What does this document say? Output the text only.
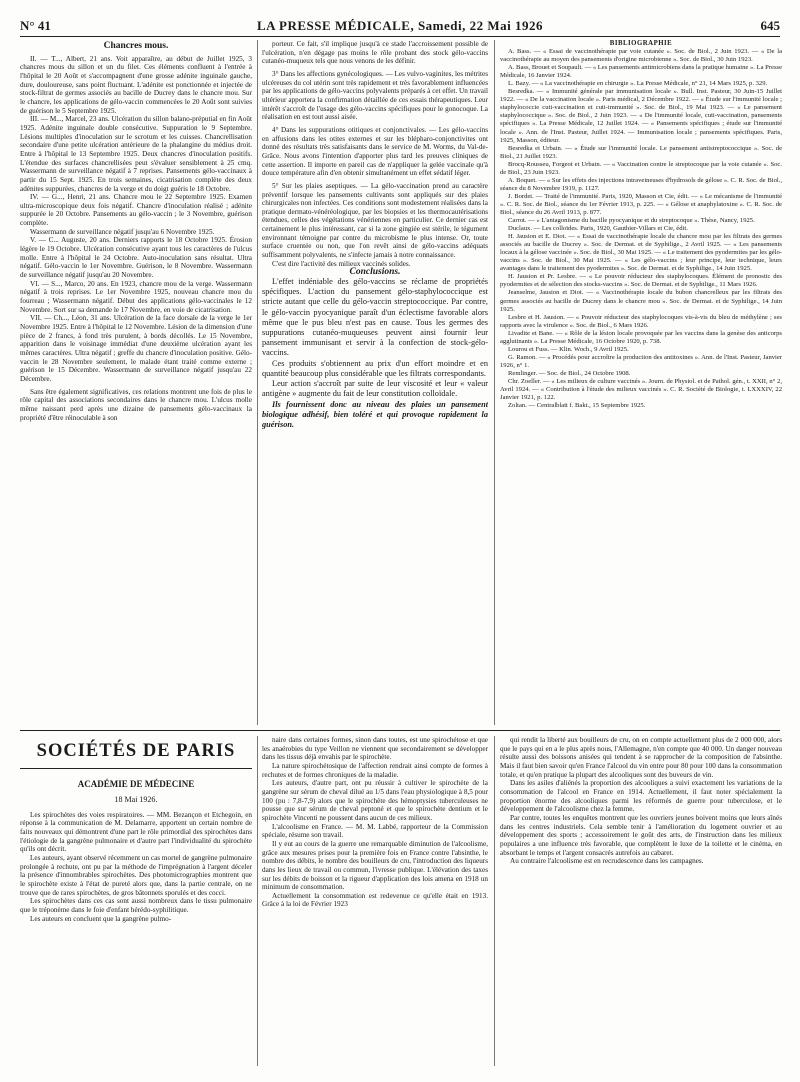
N° 41	LA PRESSE MÉDICALE, Samedi, 22 Mai 1926	645
Chancres mous.

II. — T..., Albert, 21 ans. Voit apparaître, au début de Juillet 1925, 3 chancres mous du sillon et un du filet. Ces éléments confluent à l'entrée à l'hôpital le 20 Août et s'accompagnent d'une grosse adénite inguinale gauche, dure, douloureuse, sans point fluctuant. L'adénite est ponctionnée et injectée de stock-filtrat de germes associés au bacille de Ducrey dans le chancre mou. Sur le chancre, les applications de gélo-vaccin commencées le 20 Août sont suivies de guérison le 5 Septembre 1925.

III. — M..., Marcel, 23 ans. Ulcération du sillon balano-préputial en fin Août 1925. Adénite inguinale double consécutive. Suppuration le 9 Septembre. Lésions multiples d'inoculation sur le scrotum et les cuisses. Chancrellisation secondaire d'une petite ulcération antérieure de la phalangine du médius droit. Entre à l'hôpital le 13 Septembre 1925. Deux chancres d'inoculation positifs. L'étendue des surfaces chancrellisées peut s'évaluer sensiblement à 25 cmq. Wassermann de surveillance négatif à 7 reprises. Pansements gélo-vaccinaux à partir du 15 Sept. 1925. En trois semaines, cicatrisation complète des deux adénites suppurées, chancres de la verge et du doigt guéris le 18 Octobre.

IV. — G..., Henri, 21 ans. Chancre mou le 22 Septembre 1925. Examen ultra-microscopique deux fois négatif. Chancre d'inoculation réalisé ; adénite suppurée le 20 Octobre. Pansements au gélo-vaccin ; le 3 Novembre, guérison complète.

Wassermann de surveillance négatif jusqu'au 6 Novembre 1925.

V. — C... Auguste, 20 ans. Derniers rapports le 18 Octobre 1925. Érosion légère le 19 Octobre. Ulcération consécutive ayant tous les caractères de l'ulcus molle. Entre à l'hôpital le 24 Octobre. Auto-inoculation sans résultat. Ultra négatif. Gélo-vaccin le 1er Novembre. Guérison, le 8 Novembre. Wassermann de surveillance négatif jusqu'au 20 Novembre.

VI. — S..., Marco, 20 ans. En 1923, chancre mou de la verge. Wassermann négatif à trois reprises. Le 1er Novembre 1925, nouveau chancre mou du fourreau ; Wassermann négatif. Début des applications gélo-vaccinales le 12 Novembre. Sort sur sa demande le 17 Novembre, en voie de cicatrisation.

VII. — Ch..., Léon, 31 ans. Ulcération de la face dorsale de la verge le 1er Novembre 1925. Entre à l'hôpital le 12 Novembre. Lésion de la dimension d'une pièce de 2 francs, à fond très purulent, à bords décollés. Le 15 Novembre, apparition dans le voisinage immédiat d'une deuxième ulcération ayant les mêmes caractères. Ultra négatif ; greffe du chancre d'inoculation positive. Gélo-vaccin le 28 Novembre seulement, le malade étant traité comme externe ; guérison le 15 Décembre. Wassermann de surveillance négatif jusqu'au 22 Décembre.

Sans être également significatives, ces relations montrent une fois de plus le rôle capital des associations secondaires dans le chancre mou. L'ulcus molle même naissant perd après une dizaine de pansements gélo-vaccinaux la propriété d'être réinoculable à son

porteur. Ce fait, s'il implique jusqu'à ce stade l'accroissement possible de l'ulcération, n'en dégage pas moins le rôle probant des stock gélo-vaccins cutanéo-muqueux tels que nous venons de les définir.

3° Dans les affections gynécologiques. — Les vulvo-vaginites, les métrites ulcéreuses du col utérin sont très rapidement et très favorablement influencées par les applications de gélo-vaccins polyvalents préparés à cet effet. Un travail ultérieur apportera la confirmation détaillée de ces essais thérapeutiques. Leur intérêt s'accroît de l'usage des gélo-vaccins spécifiques pour le gonocoque. La réalisation en est tout aussi aisée.

4° Dans les suppurations otitiques et conjonctivales. — Les gélo-vaccins en affusions dans les otites externes et sur les blépharo-conjonctivites ont donné des résultats très satisfaisants dans le service de M. Worms, du Val-de-Grâce. Nous avons l'intention d'apporter plus tard les preuves cliniques de cette assertion. Il importe en pareil cas de n'appliquer la gelée vaccinale qu'à douce température afin d'en obtenir simultanément un effet sédatif léger.

5° Sur les plaies aseptiques. — La gélo-vaccination prend au caractère préventif lorsque les pansements cultivants sont appliqués sur des plaies chirurgicales non infectées. Ces conditions sont modestement réalisées dans la pratique dermato-vénéréologique, par les biopsies et les thermocautérisations étendues, celles des végétations vénériennes en particulier. Ce dernier cas est certainement le plus intéressant, car si la zone gingiée est stérile, le tégument environnant témoigne par contre du microbisme le plus intense. Or, toute surface cruentée ou non, que l'on revêt ainsi de gélo-vaccins adéquats suffisamment polyvalents, ne s'infecte jamais à notre connaissance.

C'est dire l'activité des milieux vaccinés solides.

Conclusions.

L'effet indéniable des gélo-vaccins se réclame de propriétés spécifiques. L'action du pansement gélo-staphylococcique est stricte autant que celle du gélo-vaccin streptococcique. Par contre, le gélo-vaccin pyocyanique paraît d'un éclectisme favorable alors même que le pus bleu n'est pas en cause. Tous les germes des suppurations cutanéo-muqueuses peuvent ainsi fournir leur pansement immunisant et servir à la confection de stock-gélo-vaccins.

Ces produits s'obtiennent au prix d'un effort moindre et en quantité beaucoup plus considérable que les filtrats correspondants.

Leur action s'accroît par suite de leur viscosité et leur « valeur antigène » augmente du fait de leur constitution colloïdale.

Ils fournissent donc au niveau des plaies un pansement biologique adhésif, bien toléré et qui provoque rapidement la guérison.

BIBLIOGRAPHIE

A. Bass. — « Essai de vaccinothérapie par voie cutanée ». Soc. de Biol., 2 Juin 1923. — « De la vaccinothérapie au moyen des pansements d'origine microbienne ». Soc. de Biol., 30 Juin 1923.

A. Bass, Brouet et Soupault. — « Les pansements antimicrobiens dans la pratique humaine ». La Presse Médicale, 16 Janvier 1924.

L. Bazy. — « La vaccinothérapie en chirurgie ». La Presse Médicale, n° 21, 14 Mars 1925, p. 329.

Besredka. — « Immunité générale par immunisation locale ». Bull. Inst. Pasteur, 30 Juin-15 Juillet 1922. — « De la vaccination locale ». Paris médical, 2 Décembre 1922. — « Étude sur l'immunité locale ; staphylococcie cuti-vaccination et cuti-immunité ». Soc. de Biol., 19 Mai 1923. — « Le pansement staphylococcique ». Soc. de Biol., 2 Juin 1923. — « De l'immunité locale, cuti-vaccination, pansements spécifiques ». La Presse Médicale, 12 Juillet 1924. — « Pansements spécifiques ; étude sur l'immunité locale ». Ann. de l'Inst. Pasteur, Juillet 1924. — Immunisation locale ; pansements spécifiques. Paris, 1925, Masson, éditeur.

Besredka et Urbain. — « Étude sur l'immunité locale. Le pansement antistreptococcique ». Soc. de Biol., 21 Juillet 1923.

Brocq-Rousseu, Forgeot et Urbain. — « Vaccination contre le streptocoque par la voie cutanée ». Soc. de Biol., 23 Juin 1923.

A. Boquet. — « Sur les effets des injections intraveineuses d'hydrosols de gélose ». C. R. Soc. de Biol., séance du 8 Novembre 1919, p. 1127.

J. Bordet. — Traité de l'immunité. Paris, 1920, Masson et Cie, édit. — « Le mécanisme de l'immunité ». C. R. Soc. de Biol., séance du 1er Février 1913, p. 225. — « Gélose et anaphylatoxine ». C. R. Soc. de Biol., séance du 26 Avril 1913, p. 877.

Carrot. — « L'antagonisme du bacille pyocyanique et du streptocoque ». Thèse, Nancy, 1925.

Duclaux. — Les colloïdes. Paris, 1920, Gauthier-Villars et Cie, édit.

H. Jausion et E. Diot. — « Essai de vaccinothérapie locale du chancre mou par les filtrats des germes associés au bacille de Ducrey ». Soc. de Dermat. et de Syphilige., 2 Avril 1925. — « Les pansements locaux à la gélose vaccinée ». Soc. de Biol., 30 Mai 1925. — « Le traitement des pyodermites par les gélo-vaccins ». Soc. de Biol., 30 Mai 1925. — « Les gélo-vaccins ; leur principe, leur technique, leurs avantages dans le traitement des pyodermites ». Soc. de Dermat. et de Syphilige., 14 Juin 1925.

H. Jausion et Pr. Lesbre. — « Le pouvoir réducteur des staphylocoques. Élément de pronostic des pyodermites et de sélection des stocks-vaccins ». Soc. de Dermat. et de Syphilige., 11 Mars 1926.

Jeanselme, Jausion et Diot. — « Vaccinothérapie locale du bubon chancrelleux par les filtrats des germes associés au bacille de Ducrey dans le chancre mou ». Soc. de Dermat. et de Syphilige., 14 Juin 1925.

Lesbre et H. Jausion. — « Pouvoir réducteur des staphylocoques vis-à-vis du bleu de méthylène ; ses rapports avec la virulence ». Soc. de Biol., 6 Mars 1926.

Livadite et Bane. — « Rôle de la lésion locale provoquée par les vaccins dans la genèse des anticorps agglutinants ». La Presse Médicale, 16 Octobre 1920, p. 738.

Lourou et Fuss. — Klin. Woch., 9 Avril 1925.

G. Ramon. — « Procédés pour accroître la production des antitoxines ». Ann. de l'Inst. Pasteur, Janvier 1926, n° 1.

Remlinger. — Soc. de Biol., 24 Octobre 1908.

Chr. Zoeller. — « Les milieux de culture vaccinés ». Journ. de Physiol. et de Pathol. gén., t. XXII, n° 2, Avril 1924. — « Contribution à l'étude des milieux vaccinés ». C. R. Société de Biologie, t. LXXXIV, 22 Janvier 1921, p. 122.

Zoltan. — Centralblatt f. Bakt., 15 Septembre 1925.

SOCIÉTÉS DE PARIS
ACADÉMIE DE MÉDECINE
18 Mai 1926.

Les spirochètes des voies respiratoires. — MM. Bezançon et Etchegoin, en réponse à la communication de M. Delamarre, apportent un certain nombre de faits nouveaux qui démontrent d'une part le rôle primordial des spirochètes dans l'étiologie de la gangrène pulmonaire et d'autre part l'individualité du spirochète qu'ils ont décrit.

Les auteurs, ayant observé récemment un cas mortel de gangrène pulmonaire prolongée à rechute, ont pu par la méthode de l'imprégnation à l'argent déceler la présence d'innombrables spirochètes. Des photomicrographies montrent que le spirochète existe à l'état de pureté alors que, dans la partie centrale, on ne trouve que de rares spirochètes, de gros bâtonnets sporulés et des cocci.

Les spirochètes dans ces cas sont aussi nombreux dans le tissu pulmonaire que le tréponème dans le foie d'enfant hérédo-syphilitique.

Les auteurs en concluent que la gangrène pulmo-

naire dans certaines formes, sinon dans toutes, est une spirochétose et que les anaérobies du type Veillon ne viennent que secondairement se développer dans les tissus déjà envahis par le spirochète.

La nature spirochétosique de l'affection rendrait ainsi compte de formes à rechutes et de formes chroniques de la maladie.

Les auteurs, d'autre part, ont pu réussir à cultiver le spirochète de la gangrène sur sérum de cheval dilué au 1/5 dans l'eau physiologique à 8,5 pour 100 (pu : 7,8-7,9) alors que le spirochète des hémoptysies tuberculeuses ne pousse que sur sérum de cheval peptoné et que le spirochète dentium et le spirochète Vincenti ne poussent dans aucun de ces milieux.

L'alcoolisme en France. — M. M. Labbé, rapporteur de la Commission spéciale, résume son travail.

Il y eut au cours de la guerre une remarquable diminution de l'alcoolisme, grâce aux mesures prises pour la première fois en France contre l'absinthe, le nombre des débits, le nombre des bouilleurs de cru, l'introduction des liqueurs dans les lieux de travail ou commun, l'ivresse publique. L'élévation des taxes sur les débits de boisson et la rigueur d'application des lois amena en 1918 un minimum de consommation.

Actuellement la consommation est redevenue ce qu'elle était en 1913. Grâce à la loi de Février 1923

qui rendit la liberté aux bouilleurs de cru, on en compte actuellement plus de 2 000 000, alors que le pays qui en a le plus après nous, l'Allemagne, n'en compte que 40 000. Un danger nouveau résulte aussi des boissons anisées qui tendent à se rapprocher de la composition de l'absinthe. Mais il faut bien savoir qu'en France l'alcool du vin entre pour 80 pour 100 dans la consommation totale, et qu'en pratique la plupart des alcooliques sont des buveurs de vin.

Dans les asiles d'aliénés la proportion des alcooliques a suivi exactement les variations de la consommation de l'alcool en France en 1914. Actuellement, il faut noter spécialement la proportion énorme des alcooliques parmi les réformés de guerre pour tuberculose, et le développement de l'alcoolisme chez la femme.

Par contre, toutes les enquêtes montrent que les ouvriers jeunes boivent moins que leurs aînés dans les centres industriels. Cela semble tenir à l'amélioration du logement ouvrier et au développement des sports ; accessoirement le goût des arts, de l'instruction dans les milieux populaires a une influence très favorable, que complètent le luxe de la toilette et le cinéma, en absorbant le temps et l'argent consacrés autrefois au cabaret.

Au contraire l'alcoolisme est en recrudescence dans les campagnes.
